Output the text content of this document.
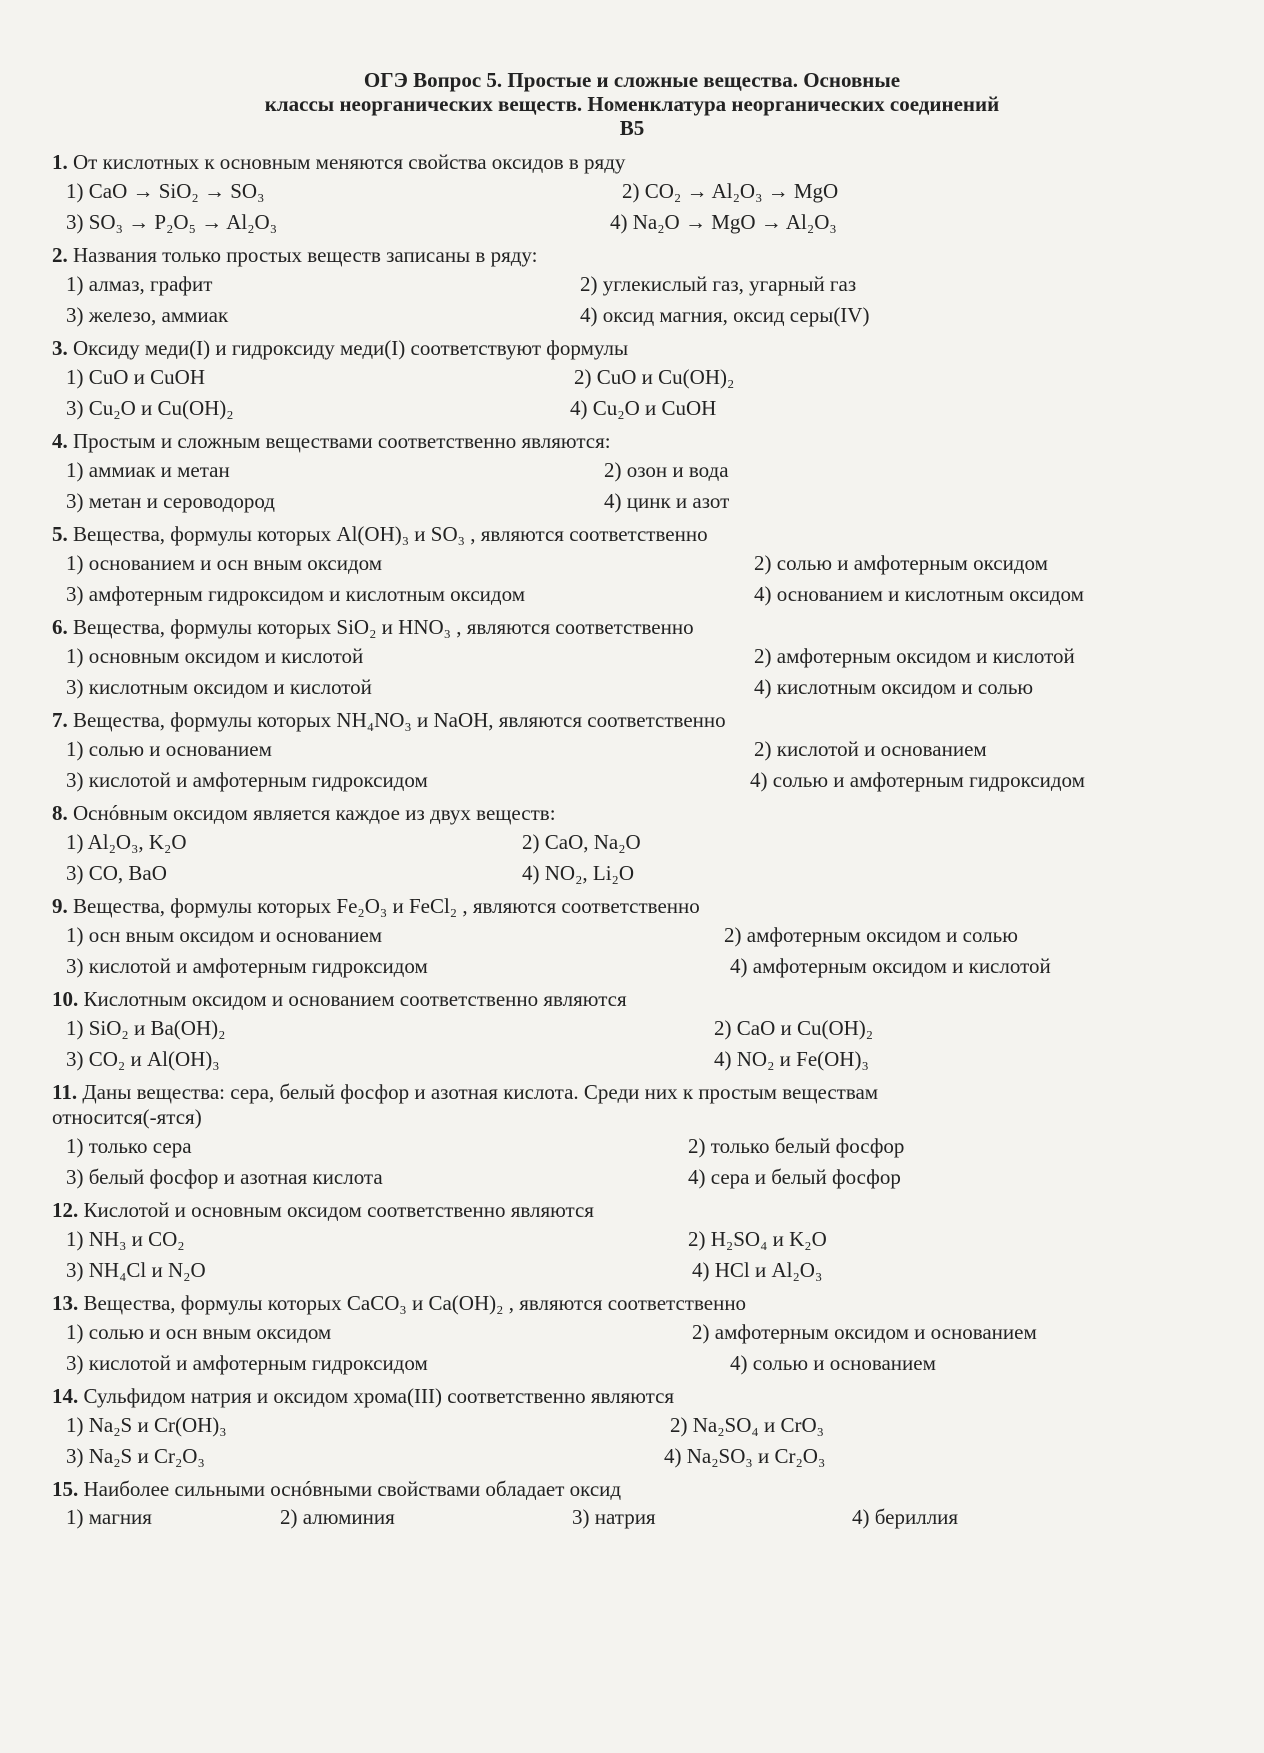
ОГЭ Вопрос 5. Простые и сложные вещества. Основные
классы неорганических веществ. Номенклатура неорганических соединений
В5
1. От кислотных к основным меняются свойства оксидов в ряду
1) CaO → SiO₂ → SO₃	2) CO₂ → Al₂O₃ → MgO
3) SO₃ → P₂O₅ → Al₂O₃	4) Na₂O → MgO → Al₂O₃
2. Названия только простых веществ записаны в ряду:
1) алмаз, графит	2) углекислый газ, угарный газ
3) железо, аммиак	4) оксид магния, оксид серы(IV)
3. Оксиду меди(I) и гидроксиду меди(I) соответствуют формулы
1) CuO и CuOH	2) CuO и Cu(OH)₂
3) Cu₂O и Cu(OH)₂	4) Cu₂O и CuOH
4. Простым и сложным веществами соответственно являются:
1) аммиак и метан	2) озон и вода
3) метан и сероводород	4) цинк и азот
5. Вещества, формулы которых Al(OH)₃ и SO₃ , являются соответственно
1) основанием и осн вным оксидом	2) солью и амфотерным оксидом
3) амфотерным гидроксидом и кислотным оксидом	4) основанием и кислотным оксидом
6. Вещества, формулы которых SiO₂ и HNO₃ , являются соответственно
1) основным оксидом и кислотой	2) амфотерным оксидом и кислотой
3) кислотным оксидом и кислотой	4) кислотным оксидом и солью
7. Вещества, формулы которых NH₄NO₃ и NaOH, являются соответственно
1) солью и основанием	2) кислотой и основанием
3) кислотой и амфотерным гидроксидом	4) солью и амфотерным гидроксидом
8. Оснóвным оксидом является каждое из двух веществ:
1) Al₂O₃, K₂O	2) CaO, Na₂O
3) CO, BaO	4) NO₂, Li₂O
9. Вещества, формулы которых Fe₂O₃ и FeCl₂ , являются соответственно
1) осн вным оксидом и основанием	2) амфотерным оксидом и солью
3) кислотой и амфотерным гидроксидом	4) амфотерным оксидом и кислотой
10. Кислотным оксидом и основанием соответственно являются
1) SiO₂ и Ba(OH)₂	2) CaO и Cu(OH)₂
3) CO₂ и Al(OH)₃	4) NO₂ и Fe(OH)₃
11. Даны вещества: сера, белый фосфор и азотная кислота. Среди них к простым веществам
относится(-ятся)
1) только сера	2) только белый фосфор
3) белый фосфор и азотная кислота	4) сера и белый фосфор
12. Кислотой и основным оксидом соответственно являются
1) NH₃ и CO₂	2) H₂SO₄ и K₂O
3) NH₄Cl и N₂O	4) HCl и Al₂O₃
13. Вещества, формулы которых CaCO₃ и Ca(OH)₂ , являются соответственно
1) солью и осн вным оксидом	2) амфотерным оксидом и основанием
3) кислотой и амфотерным гидроксидом	4) солью и основанием
14. Сульфидом натрия и оксидом хрома(III) соответственно являются
1) Na₂S и Cr(OH)₃	2) Na₂SO₄ и CrO₃
3) Na₂S и Cr₂O₃	4) Na₂SO₃ и Cr₂O₃
15. Наиболее сильными оснóвными свойствами обладает оксид
1) магния	2) алюминия	3) натрия	4) бериллия
